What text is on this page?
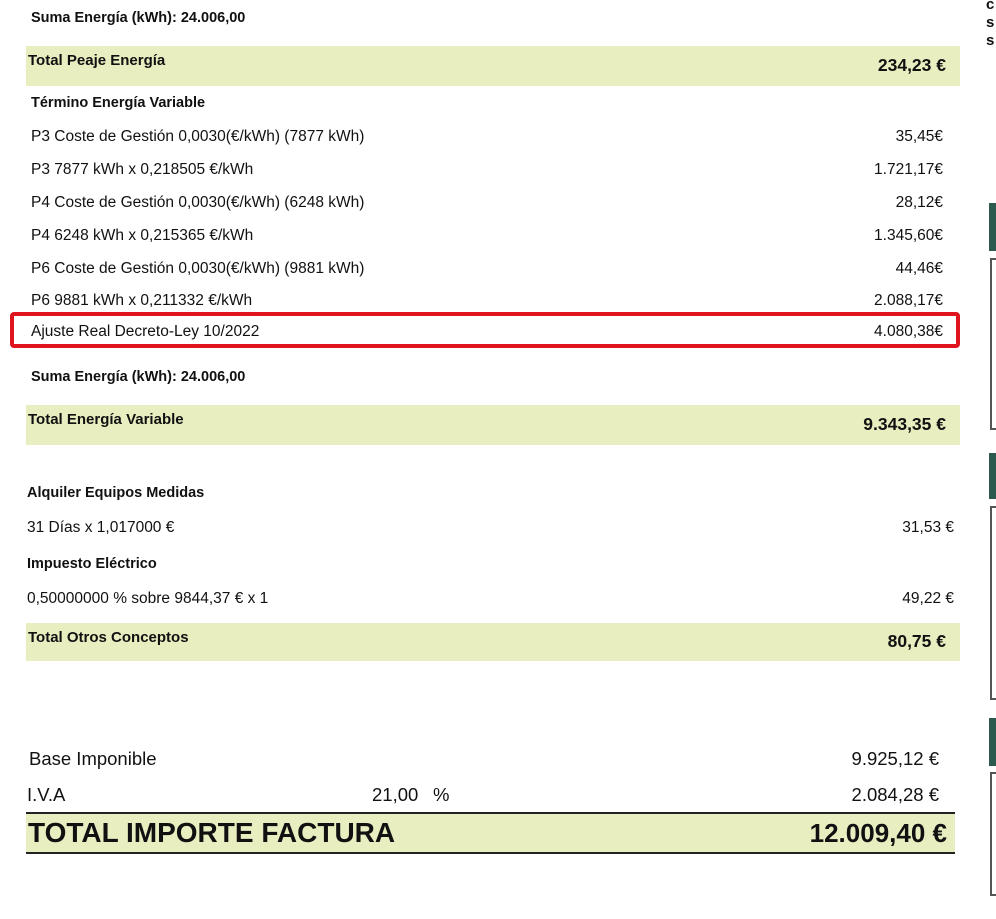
c
s
s
Suma Energía (kWh): 24.006,00
Total Peaje Energía	234,23 €
Término Energía Variable
P3 Coste de Gestión 0,0030(€/kWh) (7877 kWh)	35,45€
P3 7877 kWh x 0,218505 €/kWh	1.721,17€
P4 Coste de Gestión 0,0030(€/kWh) (6248 kWh)	28,12€
P4 6248 kWh x 0,215365 €/kWh	1.345,60€
P6 Coste de Gestión 0,0030(€/kWh) (9881 kWh)	44,46€
P6 9881 kWh x 0,211332 €/kWh	2.088,17€
Ajuste Real Decreto-Ley 10/2022	4.080,38€
Suma Energía (kWh): 24.006,00
Total Energía Variable	9.343,35 €
Alquiler Equipos Medidas
31 Días x 1,017000 €	31,53 €
Impuesto Eléctrico
0,50000000 % sobre 9844,37 € x 1	49,22 €
Total Otros Conceptos	80,75 €
Base Imponible	9.925,12 €
I.V.A	21,00 %	2.084,28 €
TOTAL IMPORTE FACTURA	12.009,40 €
